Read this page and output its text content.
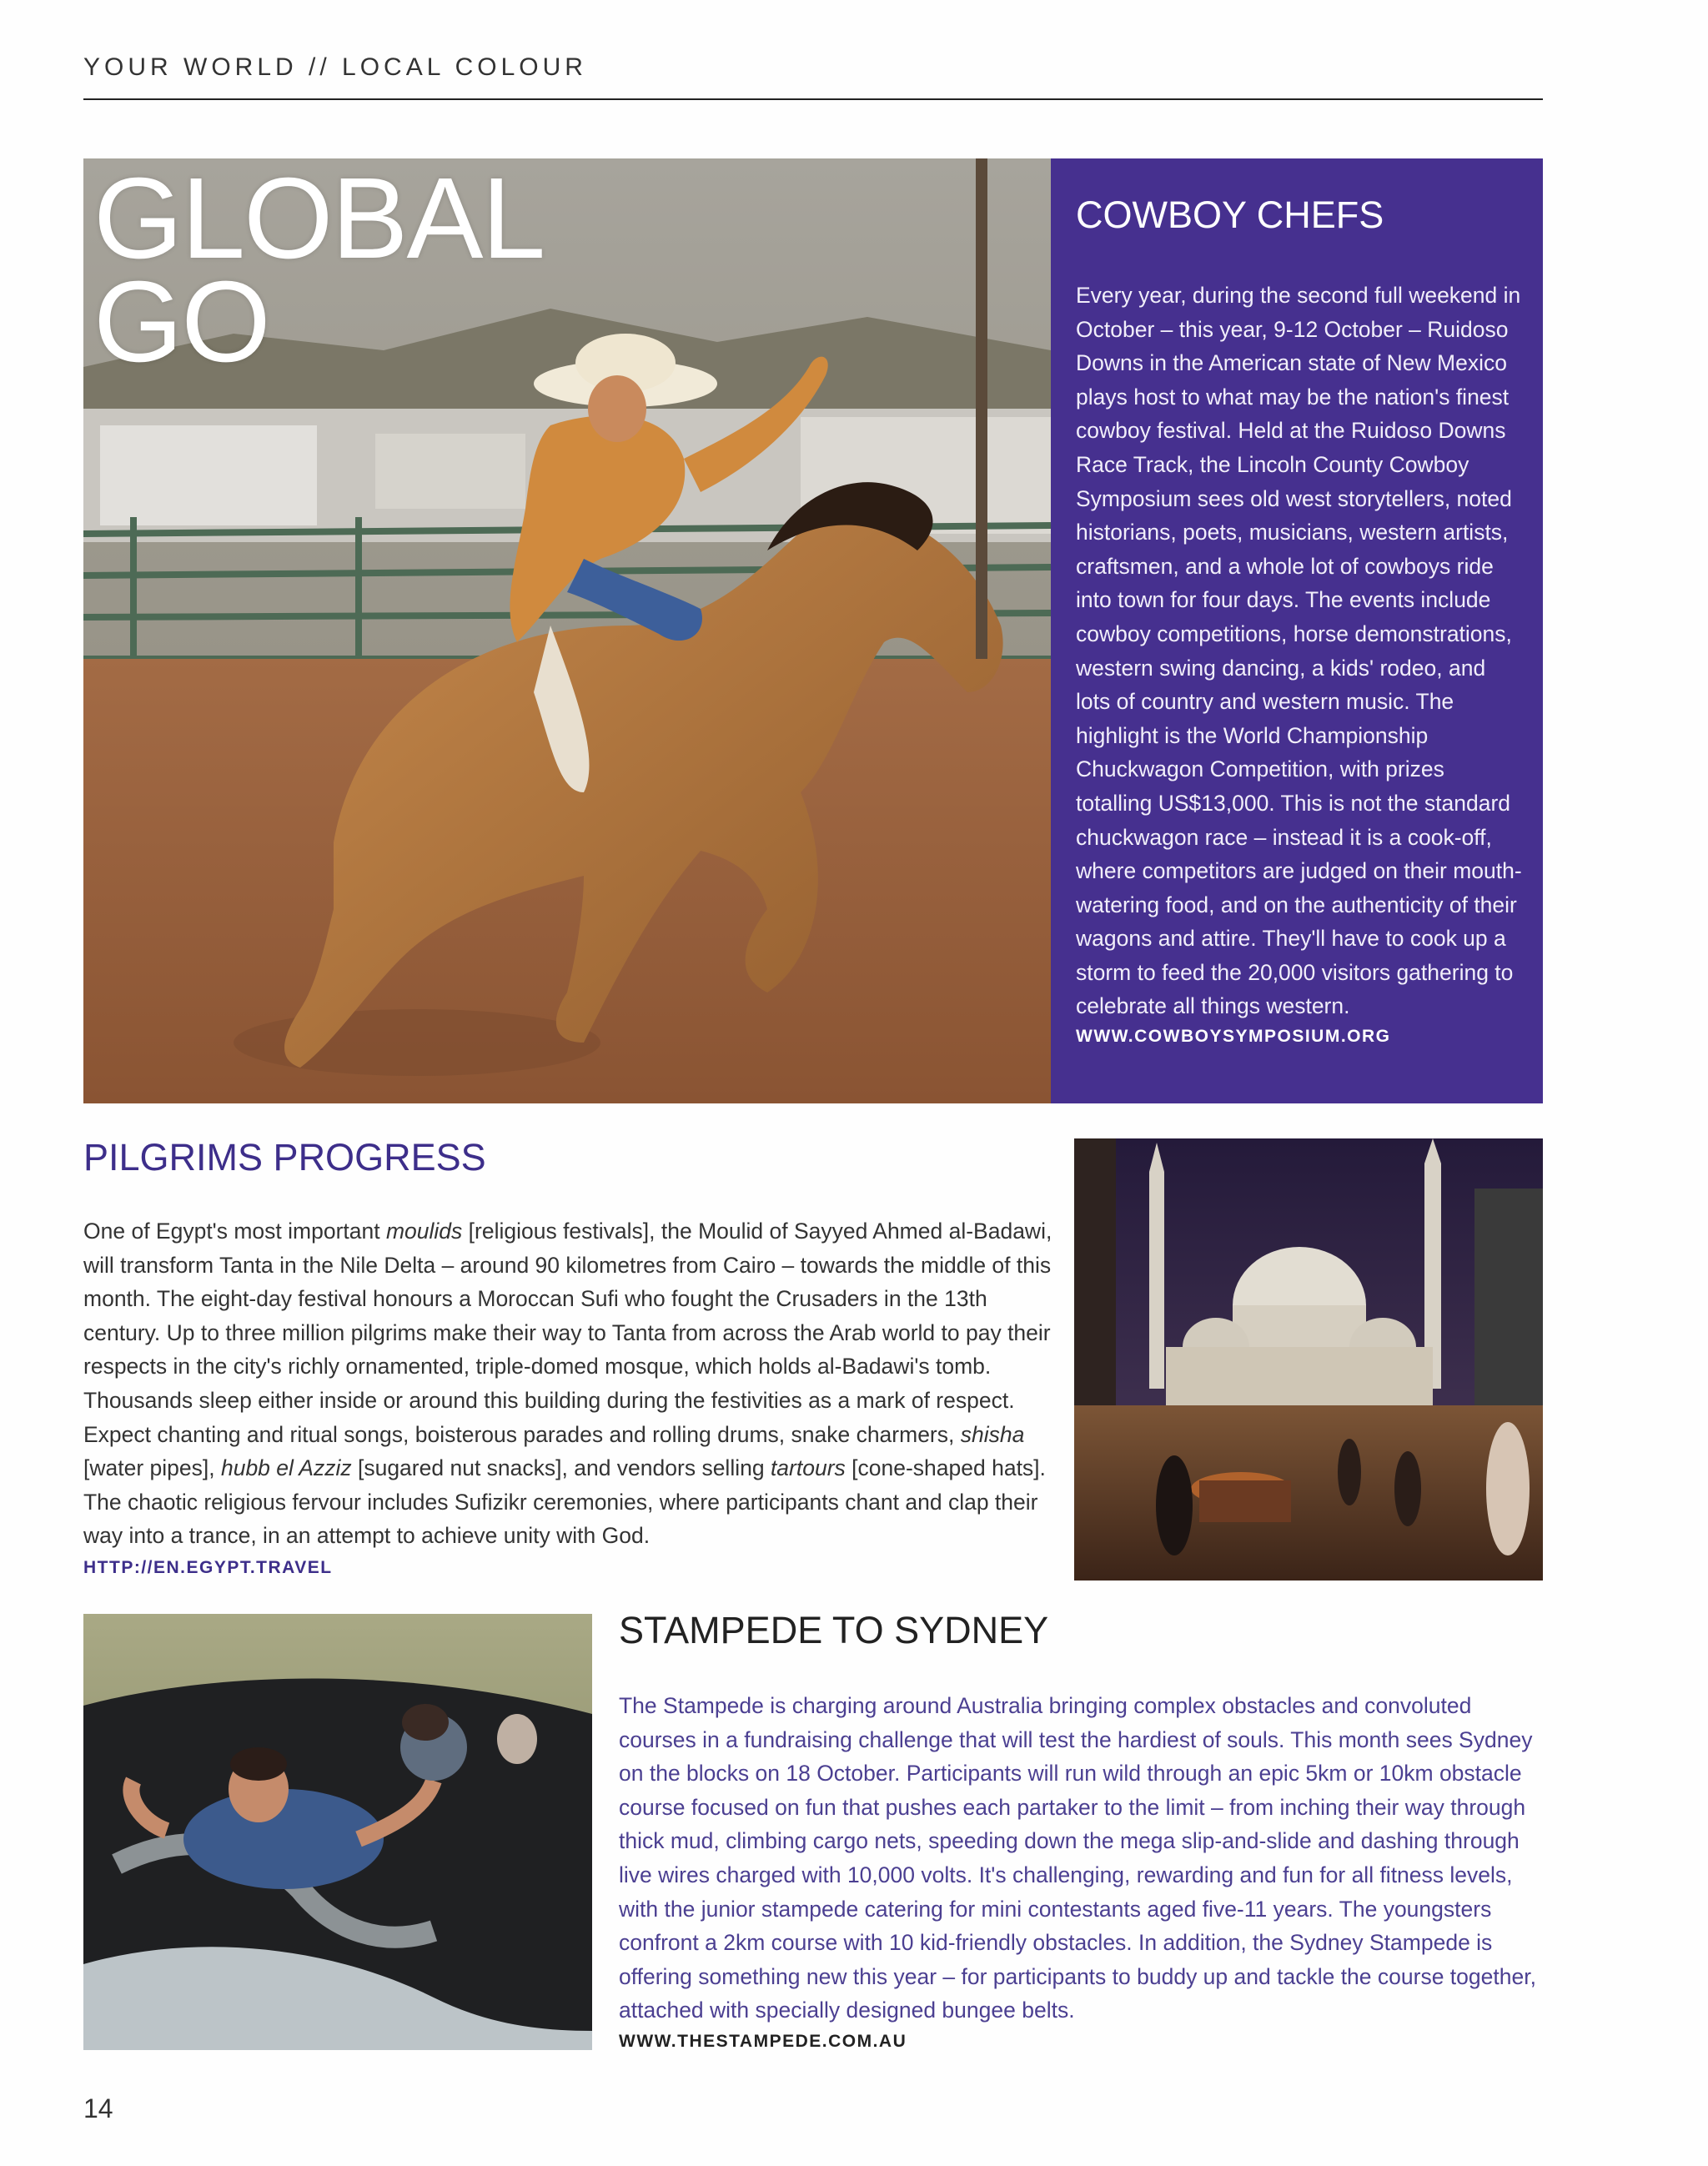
YOUR WORLD // LOCAL COLOUR
GLOBAL
GO
COWBOY CHEFS

Every year, during the second full weekend in October – this year, 9-12 October – Ruidoso Downs in the American state of New Mexico plays host to what may be the nation's finest cowboy festival. Held at the Ruidoso Downs Race Track, the Lincoln County Cowboy Symposium sees old west storytellers, noted historians, poets, musicians, western artists, craftsmen, and a whole lot of cowboys ride into town for four days. The events include cowboy competitions, horse demonstrations, western swing dancing, a kids' rodeo, and lots of country and western music. The highlight is the World Championship Chuckwagon Competition, with prizes totalling US$13,000. This is not the standard chuckwagon race – instead it is a cook-off, where competitors are judged on their mouth-watering food, and on the authenticity of their wagons and attire. They'll have to cook up a storm to feed the 20,000 visitors gathering to celebrate all things western.

WWW.COWBOYSYMPOSIUM.ORG
PILGRIMS PROGRESS

One of Egypt's most important moulids [religious festivals], the Moulid of Sayyed Ahmed al-Badawi, will transform Tanta in the Nile Delta – around 90 kilometres from Cairo – towards the middle of this month. The eight-day festival honours a Moroccan Sufi who fought the Crusaders in the 13th century. Up to three million pilgrims make their way to Tanta from across the Arab world to pay their respects in the city's richly ornamented, triple-domed mosque, which holds al-Badawi's tomb. Thousands sleep either inside or around this building during the festivities as a mark of respect. Expect chanting and ritual songs, boisterous parades and rolling drums, snake charmers, shisha [water pipes], hubb el Azziz [sugared nut snacks], and vendors selling tartours [cone-shaped hats]. The chaotic religious fervour includes Sufizikr ceremonies, where participants chant and clap their way into a trance, in an attempt to achieve unity with God.

HTTP://EN.EGYPT.TRAVEL
STAMPEDE TO SYDNEY

The Stampede is charging around Australia bringing complex obstacles and convoluted courses in a fundraising challenge that will test the hardiest of souls. This month sees Sydney on the blocks on 18 October. Participants will run wild through an epic 5km or 10km obstacle course focused on fun that pushes each partaker to the limit – from inching their way through thick mud, climbing cargo nets, speeding down the mega slip-and-slide and dashing through live wires charged with 10,000 volts. It's challenging, rewarding and fun for all fitness levels, with the junior stampede catering for mini contestants aged five-11 years. The youngsters confront a 2km course with 10 kid-friendly obstacles. In addition, the Sydney Stampede is offering something new this year – for participants to buddy up and tackle the course together, attached with specially designed bungee belts.

WWW.THESTAMPEDE.COM.AU
14
